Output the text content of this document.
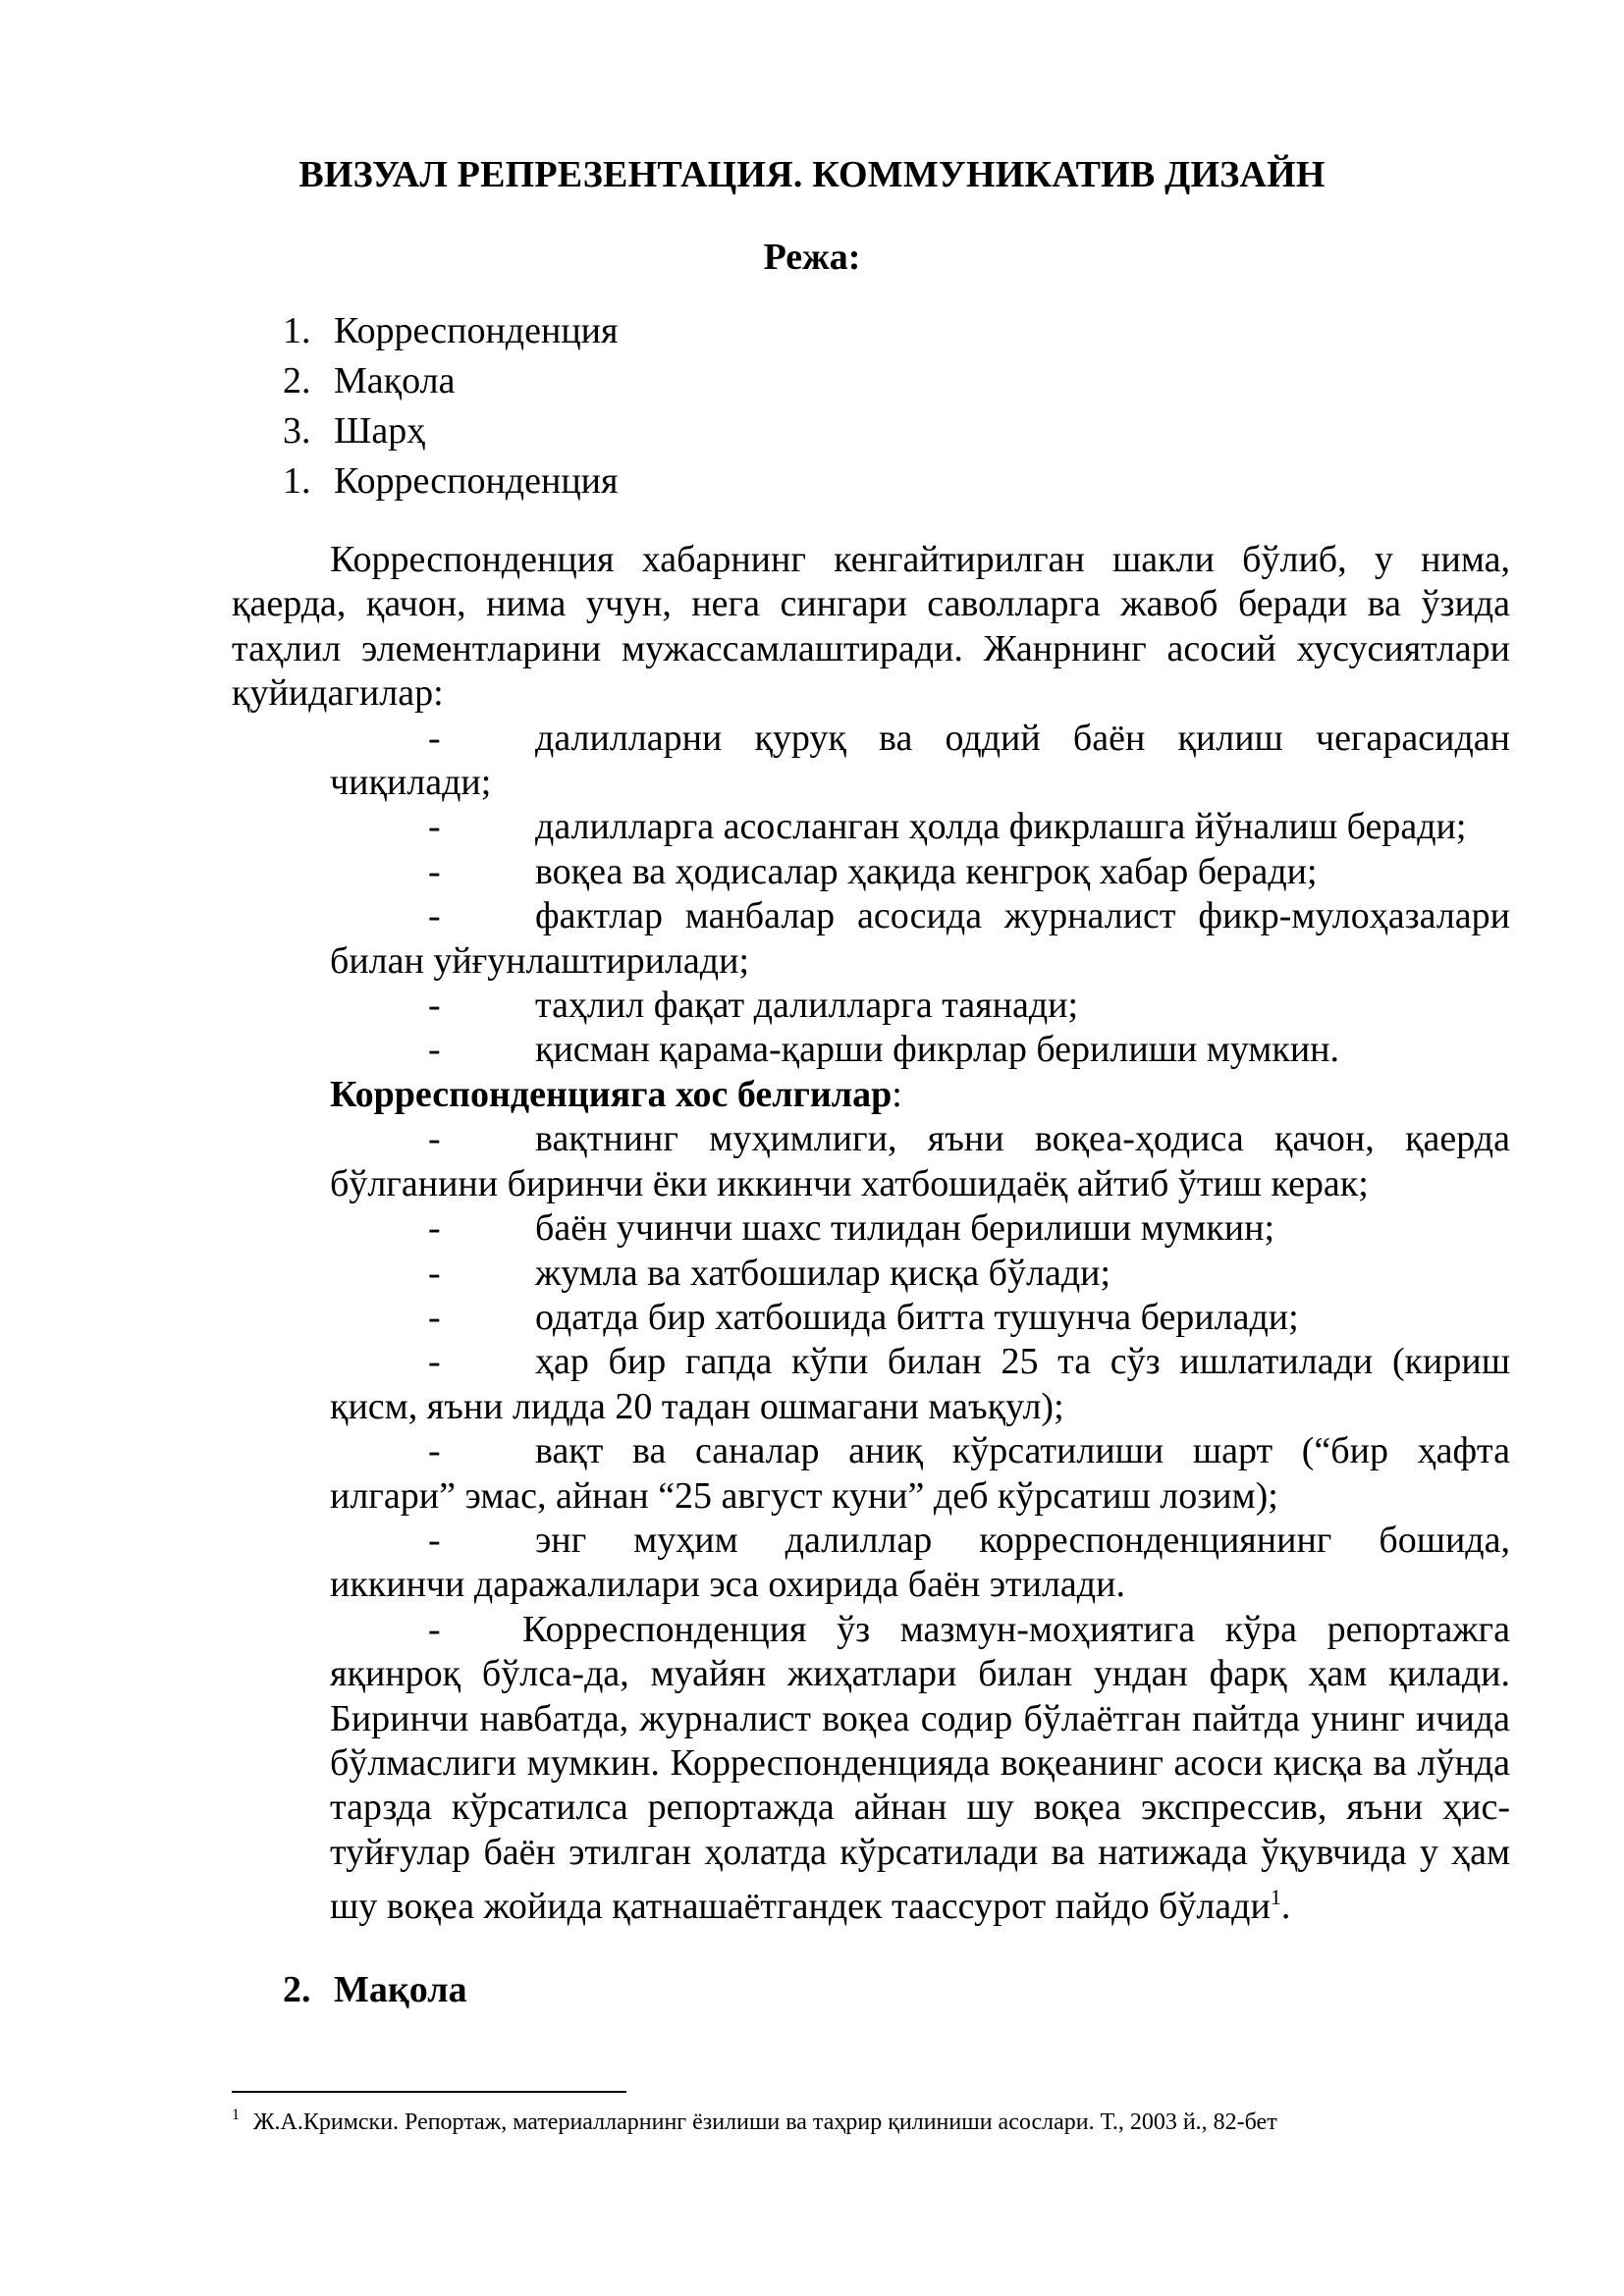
ВИЗУАЛ РЕПРЕЗЕНТАЦИЯ. КОММУНИКАТИВ ДИЗАЙН
Режа:
1. Корреспонденция
2. Мақола
3. Шарҳ
1. Корреспонденция

Корреспонденция хабарнинг кенгайтирилган шакли бўлиб, у нима, қаерда, қачон, нима учун, нега сингари саволларга жавоб беради ва ўзида таҳлил элементларини мужассамлаштиради. Жанрнинг асосий хусусиятлари қуйидагилар:

-	далилларни қуруқ ва оддий баён қилиш чегарасидан

чиқилади;

-	далилларга асосланган ҳолда фикрлашга йўналиш беради;
-	воқеа ва ҳодисалар ҳақида кенгроқ хабар беради;
-	фактлар манбалар асосида журналист фикр-мулоҳазалари

билан уйғунлаштирилади;

-	таҳлил фақат далилларга таянади;
-	қисман қарама-қарши фикрлар берилиши мумкин.

Корреспонденцияга хос белгилар:

-	вақтнинг муҳимлиги, яъни воқеа-ҳодиса қачон, қаерда

бўлганини биринчи ёки иккинчи хатбошидаёқ айтиб ўтиш керак;

-	баён учинчи шахс тилидан берилиши мумкин;
-	жумла ва хатбошилар қисқа бўлади;
-	одатда бир хатбошида битта тушунча берилади;
-	ҳар бир гапда кўпи билан 25 та сўз ишлатилади (кириш

қисм, яъни лидда 20 тадан ошмагани маъқул);

-	вақт ва саналар аниқ кўрсатилиши шарт (“бир ҳафта

илгари” эмас, айнан “25 август куни” деб кўрсатиш лозим);

-	энг муҳим далиллар корреспонденциянинг бошида,

иккинчи даражалилари эса охирида баён этилади.

- Корреспонденция ўз мазмун-моҳиятига кўра репортажга

яқинроқ бўлса-да, муайян жиҳатлари билан ундан фарқ ҳам қилади. Биринчи навбатда, журналист воқеа содир бўлаётган пайтда унинг ичида бўлмаслиги мумкин. Корреспонденцияда воқеанинг асоси қисқа ва лўнда тарзда кўрсатилса репортажда айнан шу воқеа экспрессив, яъни ҳис-туйғулар баён этилган ҳолатда кўрсатилади ва натижада ўқувчида у ҳам шу воқеа жойида қатнашаётгандек таассурот пайдо бўлади$^1$.

2. Мақола
$^1$ Ж.А.Кримски. Репортаж, материалларнинг ёзилиши ва таҳрир қилиниши асослари. Т., 2003 й., 82-бет
